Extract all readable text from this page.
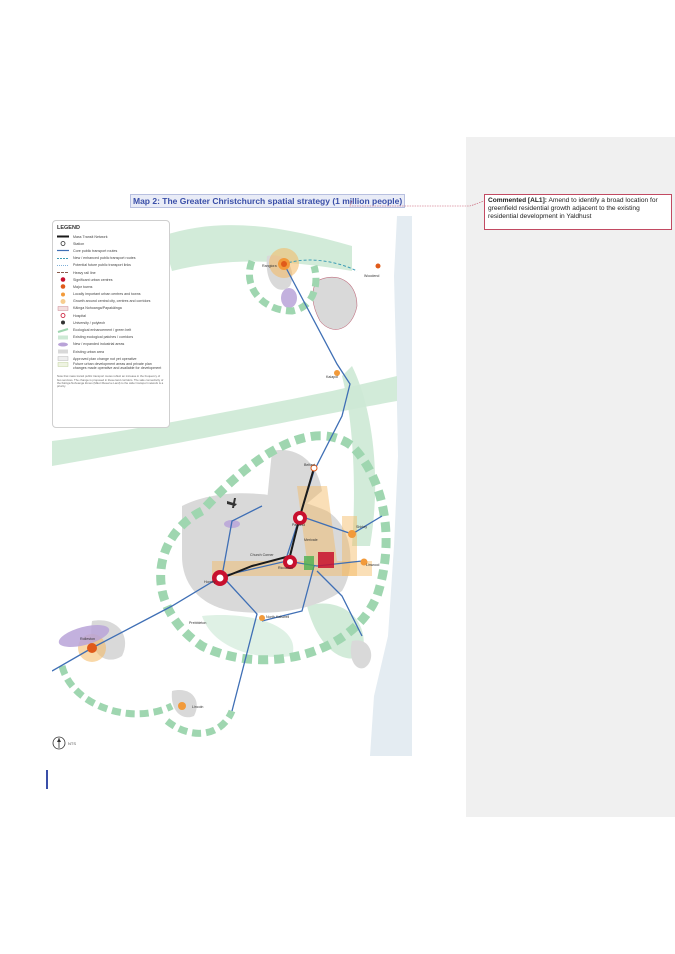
Map 2: The Greater Christchurch spatial strategy (1 million people)	Commented [AL1]: Amend to identify a broad location for greenfield residential growth adjacent to the existing residential development in Yaldhust
Rangiora
Woodend
Kaiapoi
Belfast
Papanui	Shirley
Merivale
Church Corner
Riccarton
Hornby
Linwood
North Halswell
Prebbleton
Rolleston
Lincoln
LEGEND
Mass Transit Network
Station
Core public transport routes
New / enhanced public transport routes
Potential future public transport links
Heavy rail line
Significant urban centres
Major towns
Locally important urban centres and towns
Growth around central city, centres and corridors
Kāinga Nohoanga/Papakāinga
Hospital
University / polytech
Ecological enhancement / green belt
Existing ecological patches / corridors
New / expanded industrial areas
Existing urban area
Approved plan change not yet operative
Future urban development areas and private plan changes made operative and available for development
Note that mass transit public transport routes reflect an increase in the frequency of bus services. The change is proposed in these land corridors. The safe connectivity of the Kāinga Nohoanga Zones (Māori Reserve Land) to the wider transport network is a priority.
NTS
